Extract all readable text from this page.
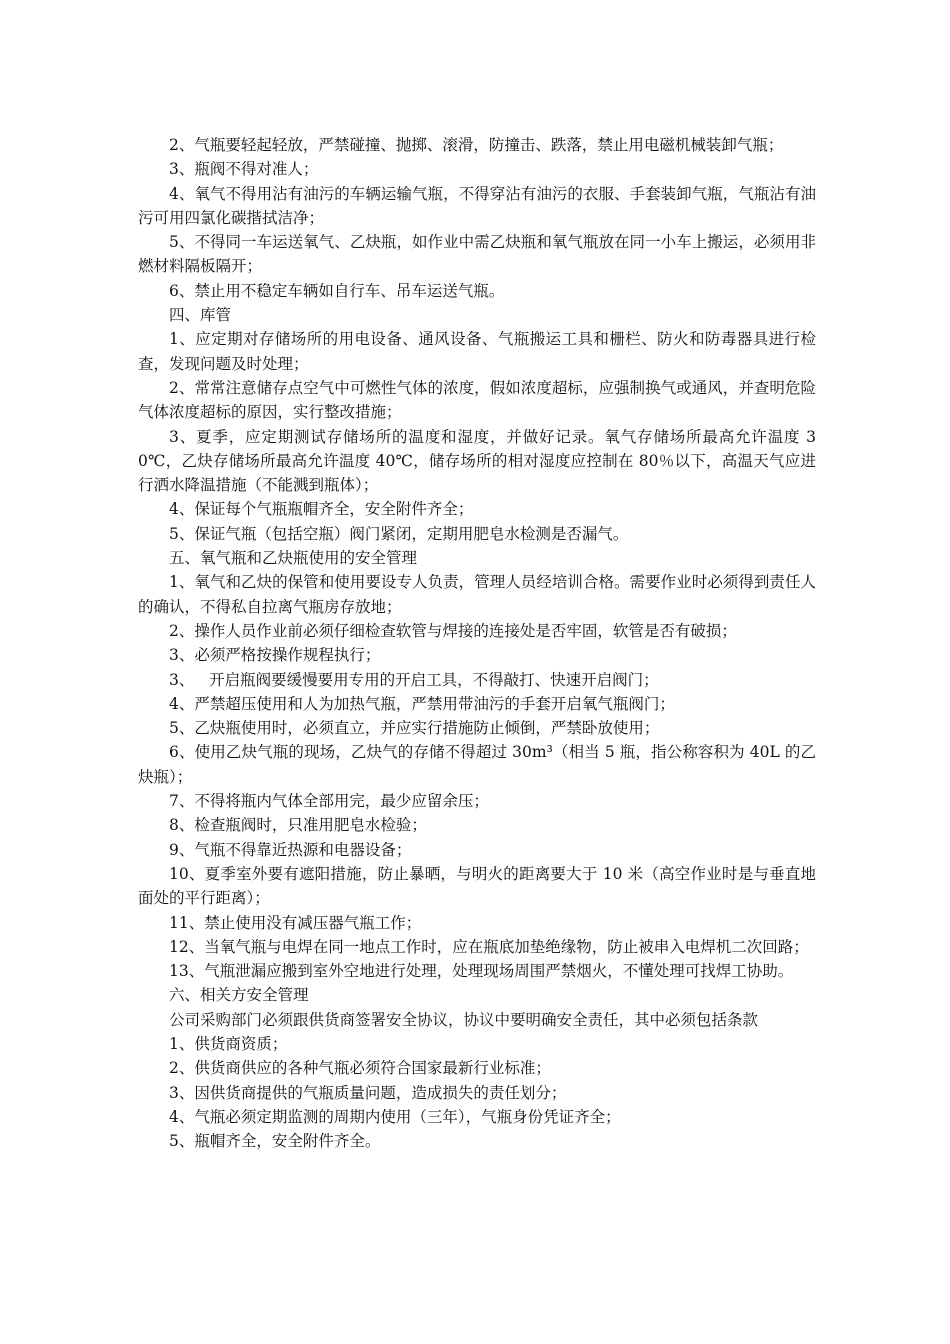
2、气瓶要轻起轻放，严禁碰撞、抛掷、滚滑，防撞击、跌落，禁止用电磁机械装卸气瓶；

3、瓶阀不得对准人；

4、氧气不得用沾有油污的车辆运输气瓶，不得穿沾有油污的衣服、手套装卸气瓶，气瓶沾有油污可用四氯化碳揩拭洁净；

5、不得同一车运送氧气、乙炔瓶，如作业中需乙炔瓶和氧气瓶放在同一小车上搬运，必须用非燃材料隔板隔开；

6、禁止用不稳定车辆如自行车、吊车运送气瓶。

四、库管

1、应定期对存储场所的用电设备、通风设备、气瓶搬运工具和栅栏、防火和防毒器具进行检查，发现问题及时处理；

2、常常注意储存点空气中可燃性气体的浓度，假如浓度超标，应强制换气或通风，并查明危险气体浓度超标的原因，实行整改措施；

3、夏季，应定期测试存储场所的温度和湿度，并做好记录。氧气存储场所最高允许温度 30℃，乙炔存储场所最高允许温度 40℃，储存场所的相对湿度应控制在 80％以下，高温天气应进行洒水降温措施（不能溅到瓶体）；

4、保证每个气瓶瓶帽齐全，安全附件齐全；

5、保证气瓶（包括空瓶）阀门紧闭，定期用肥皂水检测是否漏气。

五、氧气瓶和乙炔瓶使用的安全管理

1、氧气和乙炔的保管和使用要设专人负责，管理人员经培训合格。需要作业时必须得到责任人的确认，不得私自拉离气瓶房存放地；

2、操作人员作业前必须仔细检查软管与焊接的连接处是否牢固，软管是否有破损；

3、必须严格按操作规程执行；

3、   开启瓶阀要缓慢要用专用的开启工具，不得敲打、快速开启阀门；

4、严禁超压使用和人为加热气瓶，严禁用带油污的手套开启氧气瓶阀门；

5、乙炔瓶使用时，必须直立，并应实行措施防止倾倒，严禁卧放使用；

6、使用乙炔气瓶的现场，乙炔气的存储不得超过 30m³（相当 5 瓶，指公称容积为 40L 的乙炔瓶）；

7、不得将瓶内气体全部用完，最少应留余压；

8、检查瓶阀时，只准用肥皂水检验；

9、气瓶不得靠近热源和电器设备；

10、夏季室外要有遮阳措施，防止暴晒，与明火的距离要大于 10 米（高空作业时是与垂直地面处的平行距离）；

11、禁止使用没有减压器气瓶工作；

12、当氧气瓶与电焊在同一地点工作时，应在瓶底加垫绝缘物，防止被串入电焊机二次回路；

13、气瓶泄漏应搬到室外空地进行处理，处理现场周围严禁烟火，不懂处理可找焊工协助。

六、相关方安全管理

公司采购部门必须跟供货商签署安全协议，协议中要明确安全责任，其中必须包括条款

1、供货商资质；

2、供货商供应的各种气瓶必须符合国家最新行业标准；

3、因供货商提供的气瓶质量问题，造成损失的责任划分；

4、气瓶必须定期监测的周期内使用（三年），气瓶身份凭证齐全；

5、瓶帽齐全，安全附件齐全。
